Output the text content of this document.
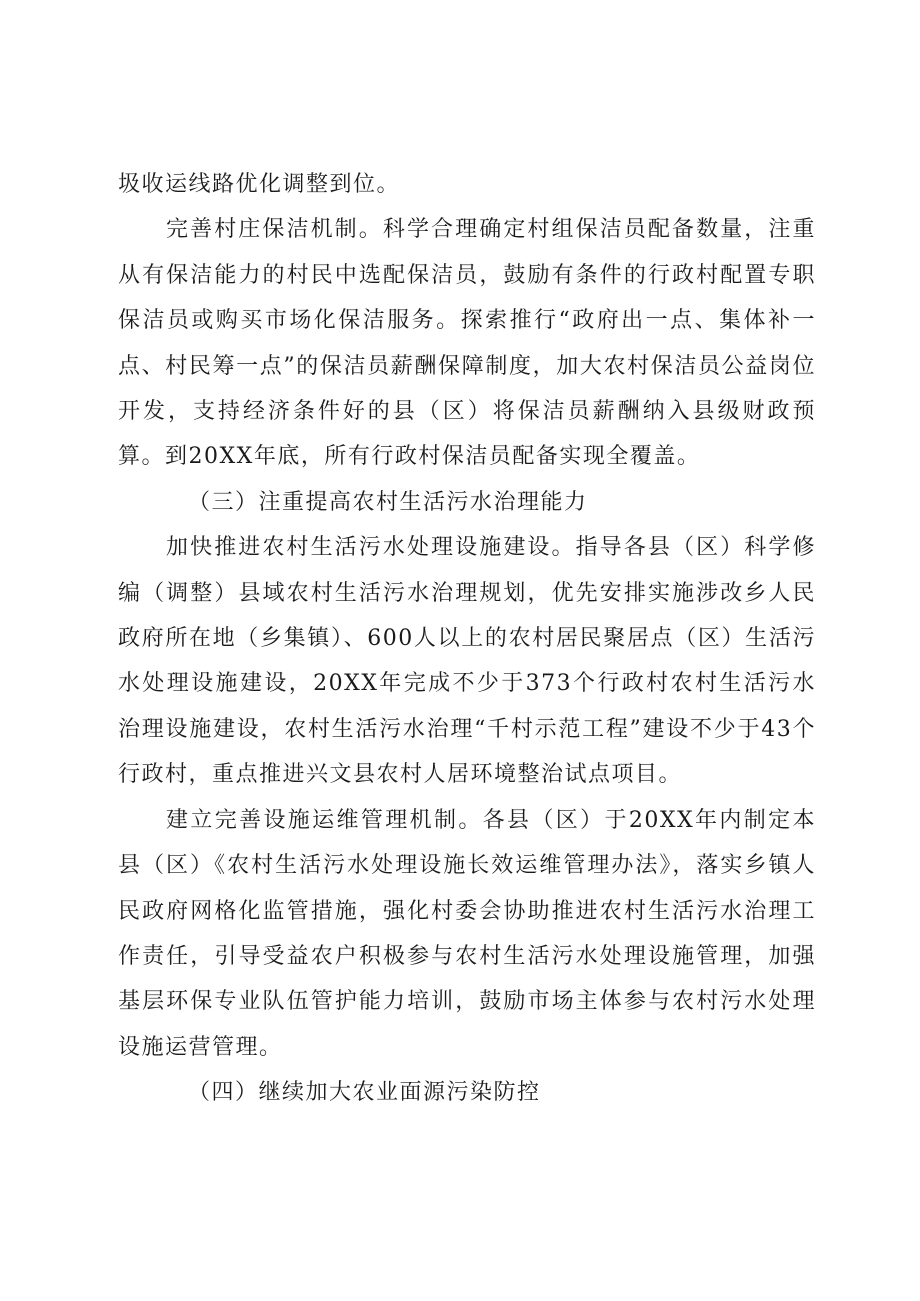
圾收运线路优化调整到位。

完善村庄保洁机制。科学合理确定村组保洁员配备数量，注重从有保洁能力的村民中选配保洁员，鼓励有条件的行政村配置专职保洁员或购买市场化保洁服务。探索推行“政府出一点、集体补一点、村民筹一点”的保洁员薪酬保障制度，加大农村保洁员公益岗位开发，支持经济条件好的县（区）将保洁员薪酬纳入县级财政预算。到20XX年底，所有行政村保洁员配备实现全覆盖。

（三）注重提高农村生活污水治理能力

加快推进农村生活污水处理设施建设。指导各县（区）科学修编（调整）县域农村生活污水治理规划，优先安排实施涉改乡人民政府所在地（乡集镇）、600人以上的农村居民聚居点（区）生活污水处理设施建设，20XX年完成不少于373个行政村农村生活污水治理设施建设，农村生活污水治理“千村示范工程”建设不少于43个行政村，重点推进兴文县农村人居环境整治试点项目。

建立完善设施运维管理机制。各县（区）于20XX年内制定本县（区）《农村生活污水处理设施长效运维管理办法》，落实乡镇人民政府网格化监管措施，强化村委会协助推进农村生活污水治理工作责任，引导受益农户积极参与农村生活污水处理设施管理，加强基层环保专业队伍管护能力培训，鼓励市场主体参与农村污水处理设施运营管理。

（四）继续加大农业面源污染防控
